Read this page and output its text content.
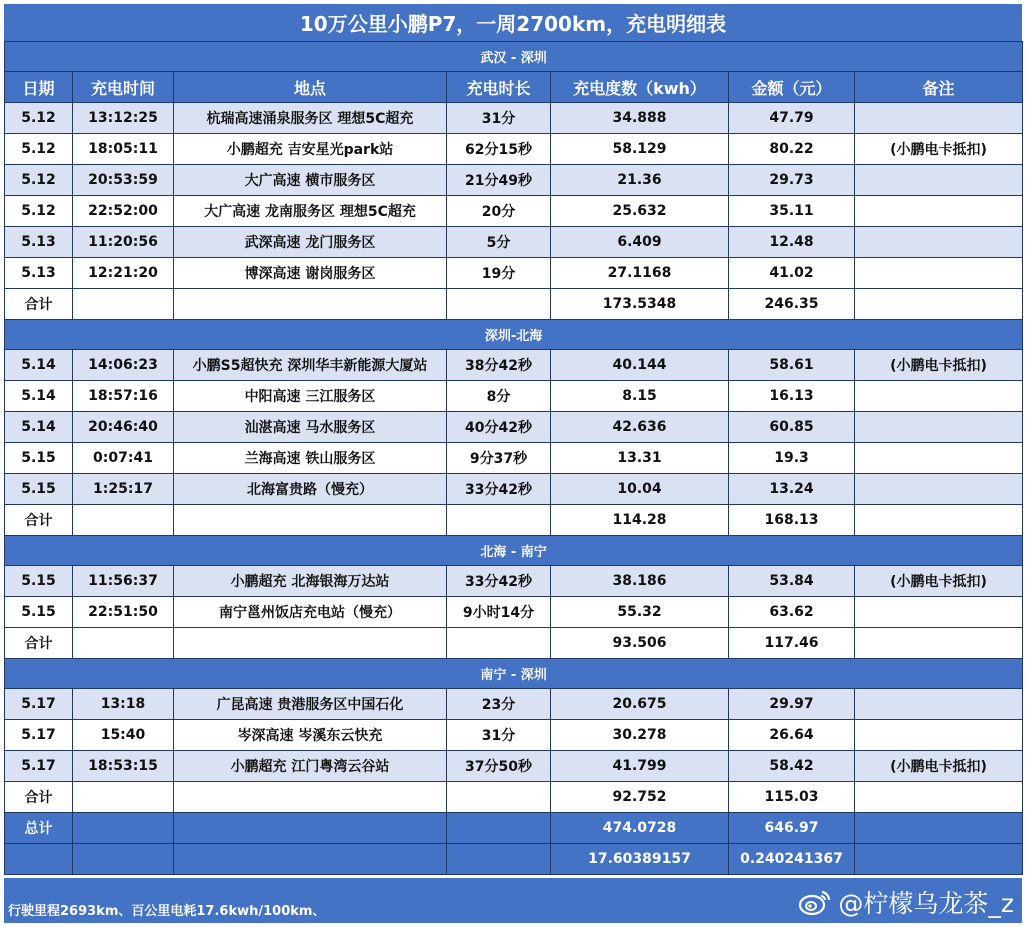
10万公里小鹏P7，一周2700km，充电明细表
武汉 - 深圳						
日期	充电时间	地点	充电时长	充电度数（kwh）	金额（元）	备注
5.12	13:12:25	杭瑞高速涌泉服务区 理想5C超充	31分	34.888	47.79	
5.12	18:05:11	小鹏超充 吉安星光park站	62分15秒	58.129	80.22	(小鹏电卡抵扣)
5.12	20:53:59	大广高速 横市服务区	21分49秒	21.36	29.73	
5.12	22:52:00	大广高速 龙南服务区 理想5C超充	20分	25.632	35.11	
5.13	11:20:56	武深高速 龙门服务区	5分	6.409	12.48	
5.13	12:21:20	博深高速 谢岗服务区	19分	27.1168	41.02	
合计				173.5348	246.35	
深圳-北海						
5.14	14:06:23	小鹏S5超快充 深圳华丰新能源大厦站	38分42秒	40.144	58.61	(小鹏电卡抵扣)
5.14	18:57:16	中阳高速 三江服务区	8分	8.15	16.13	
5.14	20:46:40	汕湛高速 马水服务区	40分42秒	42.636	60.85	
5.15	0:07:41	兰海高速 铁山服务区	9分37秒	13.31	19.3	
5.15	1:25:17	北海富贵路（慢充）	33分42秒	10.04	13.24	
合计				114.28	168.13	
北海 - 南宁						
5.15	11:56:37	小鹏超充 北海银海万达站	33分42秒	38.186	53.84	(小鹏电卡抵扣)
5.15	22:51:50	南宁邕州饭店充电站（慢充）	9小时14分	55.32	63.62	
合计				93.506	117.46	
南宁 - 深圳						
5.17	13:18	广昆高速 贵港服务区中国石化	23分	20.675	29.97	
5.17	15:40	岑深高速 岑溪东云快充	31分	30.278	26.64	
5.17	18:53:15	小鹏超充 江门粤湾云谷站	37分50秒	41.799	58.42	(小鹏电卡抵扣)
合计				92.752	115.03	
总计				474.0728	646.97	
				17.60389157	0.240241367	
行驶里程2693km、百公里电耗17.6kwh/100km、	@柠檬乌龙茶_z
